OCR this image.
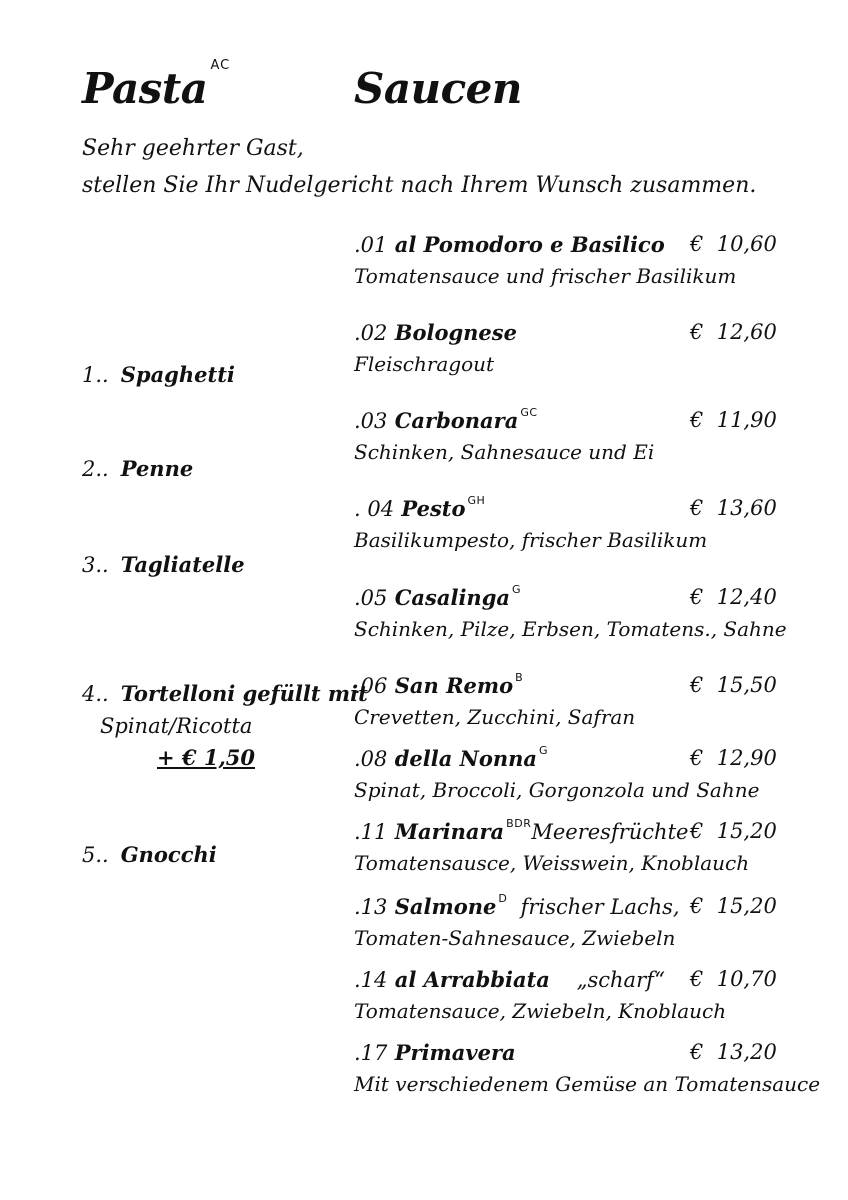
Pasta $^{AC}$	Saucen
Sehr geehrter Gast,
stellen Sie Ihr Nudelgericht nach Ihrem Wunsch zusammen.
1.. Spaghetti
2.. Penne
3.. Tagliatelle
4.. Tortelloni gefüllt mit
Spinat/Ricotta
+ € 1,50
5.. Gnocchi
.01 al Pomodoro e Basilico €  10,60
Tomatensauce und frischer Basilikum
.02 Bolognese	€  12,60
Fleischragout
.03 Carbonara $^{GC}$	€  11,90
Schinken, Sahnesauce und Ei
. 04 Pesto $^{GH}$	€  13,60
Basilikumpesto, frischer Basilikum
.05 Casalinga $^G$	€  12,40
Schinken, Pilze, Erbsen, Tomatens., Sahne
.06 San Remo $^B$	€  15,50
Crevetten, Zucchini, Safran
.08 della Nonna $^G$	€  12,90
Spinat, Broccoli, Gorgonzola und Sahne
.11 Marinara $^{BDR}$Meeresfrüchte €  15,20
Tomatensausce, Weisswein, Knoblauch
.13 Salmone $^D$  frischer Lachs, €  15,20
Tomaten-Sahnesauce, Zwiebeln
.14 al Arrabbiata    „scharf“ €  10,70
Tomatensauce, Zwiebeln, Knoblauch
.17 Primavera	€  13,20
Mit verschiedenem Gemüse an Tomatensauce
